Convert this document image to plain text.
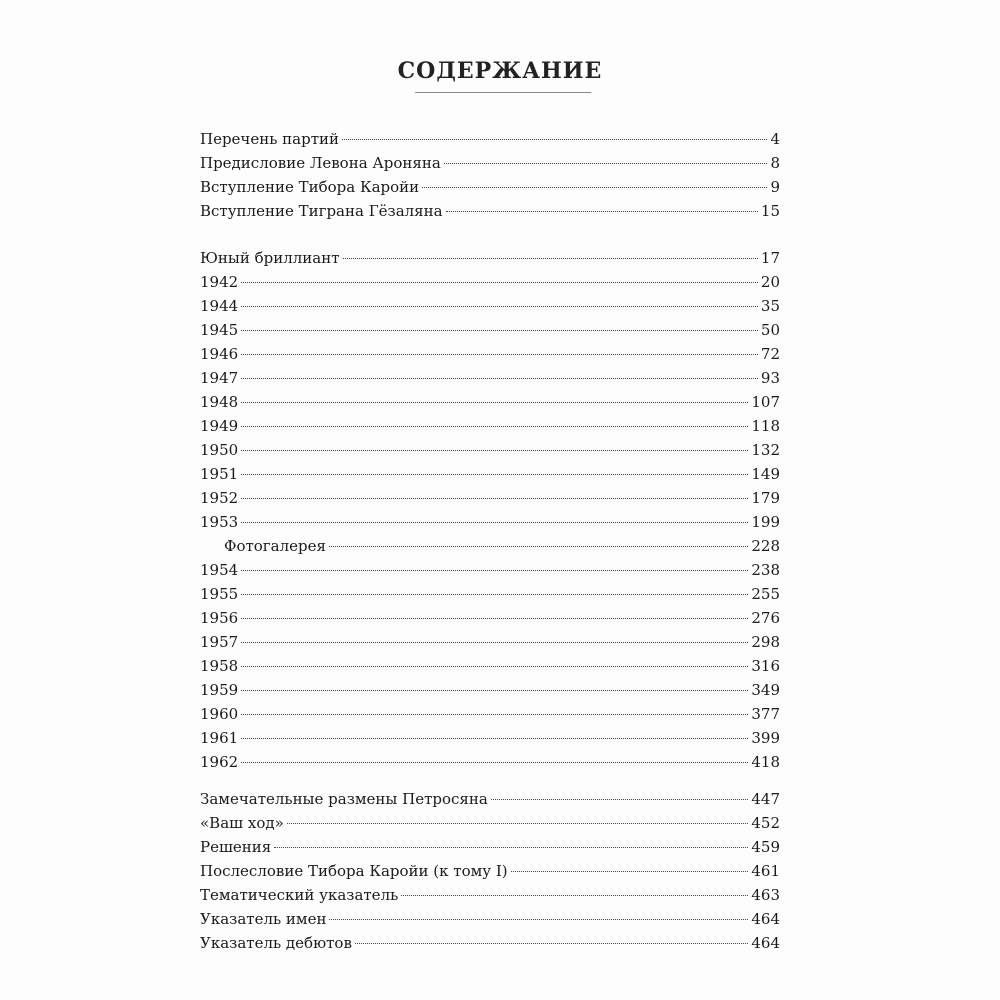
СОДЕРЖАНИЕ
Перечень партий	4
Предисловие Левона Ароняна	8
Вступление Тибора Каройи	9
Вступление Тиграна Гёзаляна	15
Юный бриллиант	17
1942	20
1944	35
1945	50
1946	72
1947	93
1948	107
1949	118
1950	132
1951	149
1952	179
1953	199
Фотогалерея	228
1954	238
1955	255
1956	276
1957	298
1958	316
1959	349
1960	377
1961	399
1962	418
Замечательные размены Петросяна	447
«Ваш ход»	452
Решения	459
Послесловие Тибора Каройи (к тому I)	461
Тематический указатель	463
Указатель имен	464
Указатель дебютов	464
